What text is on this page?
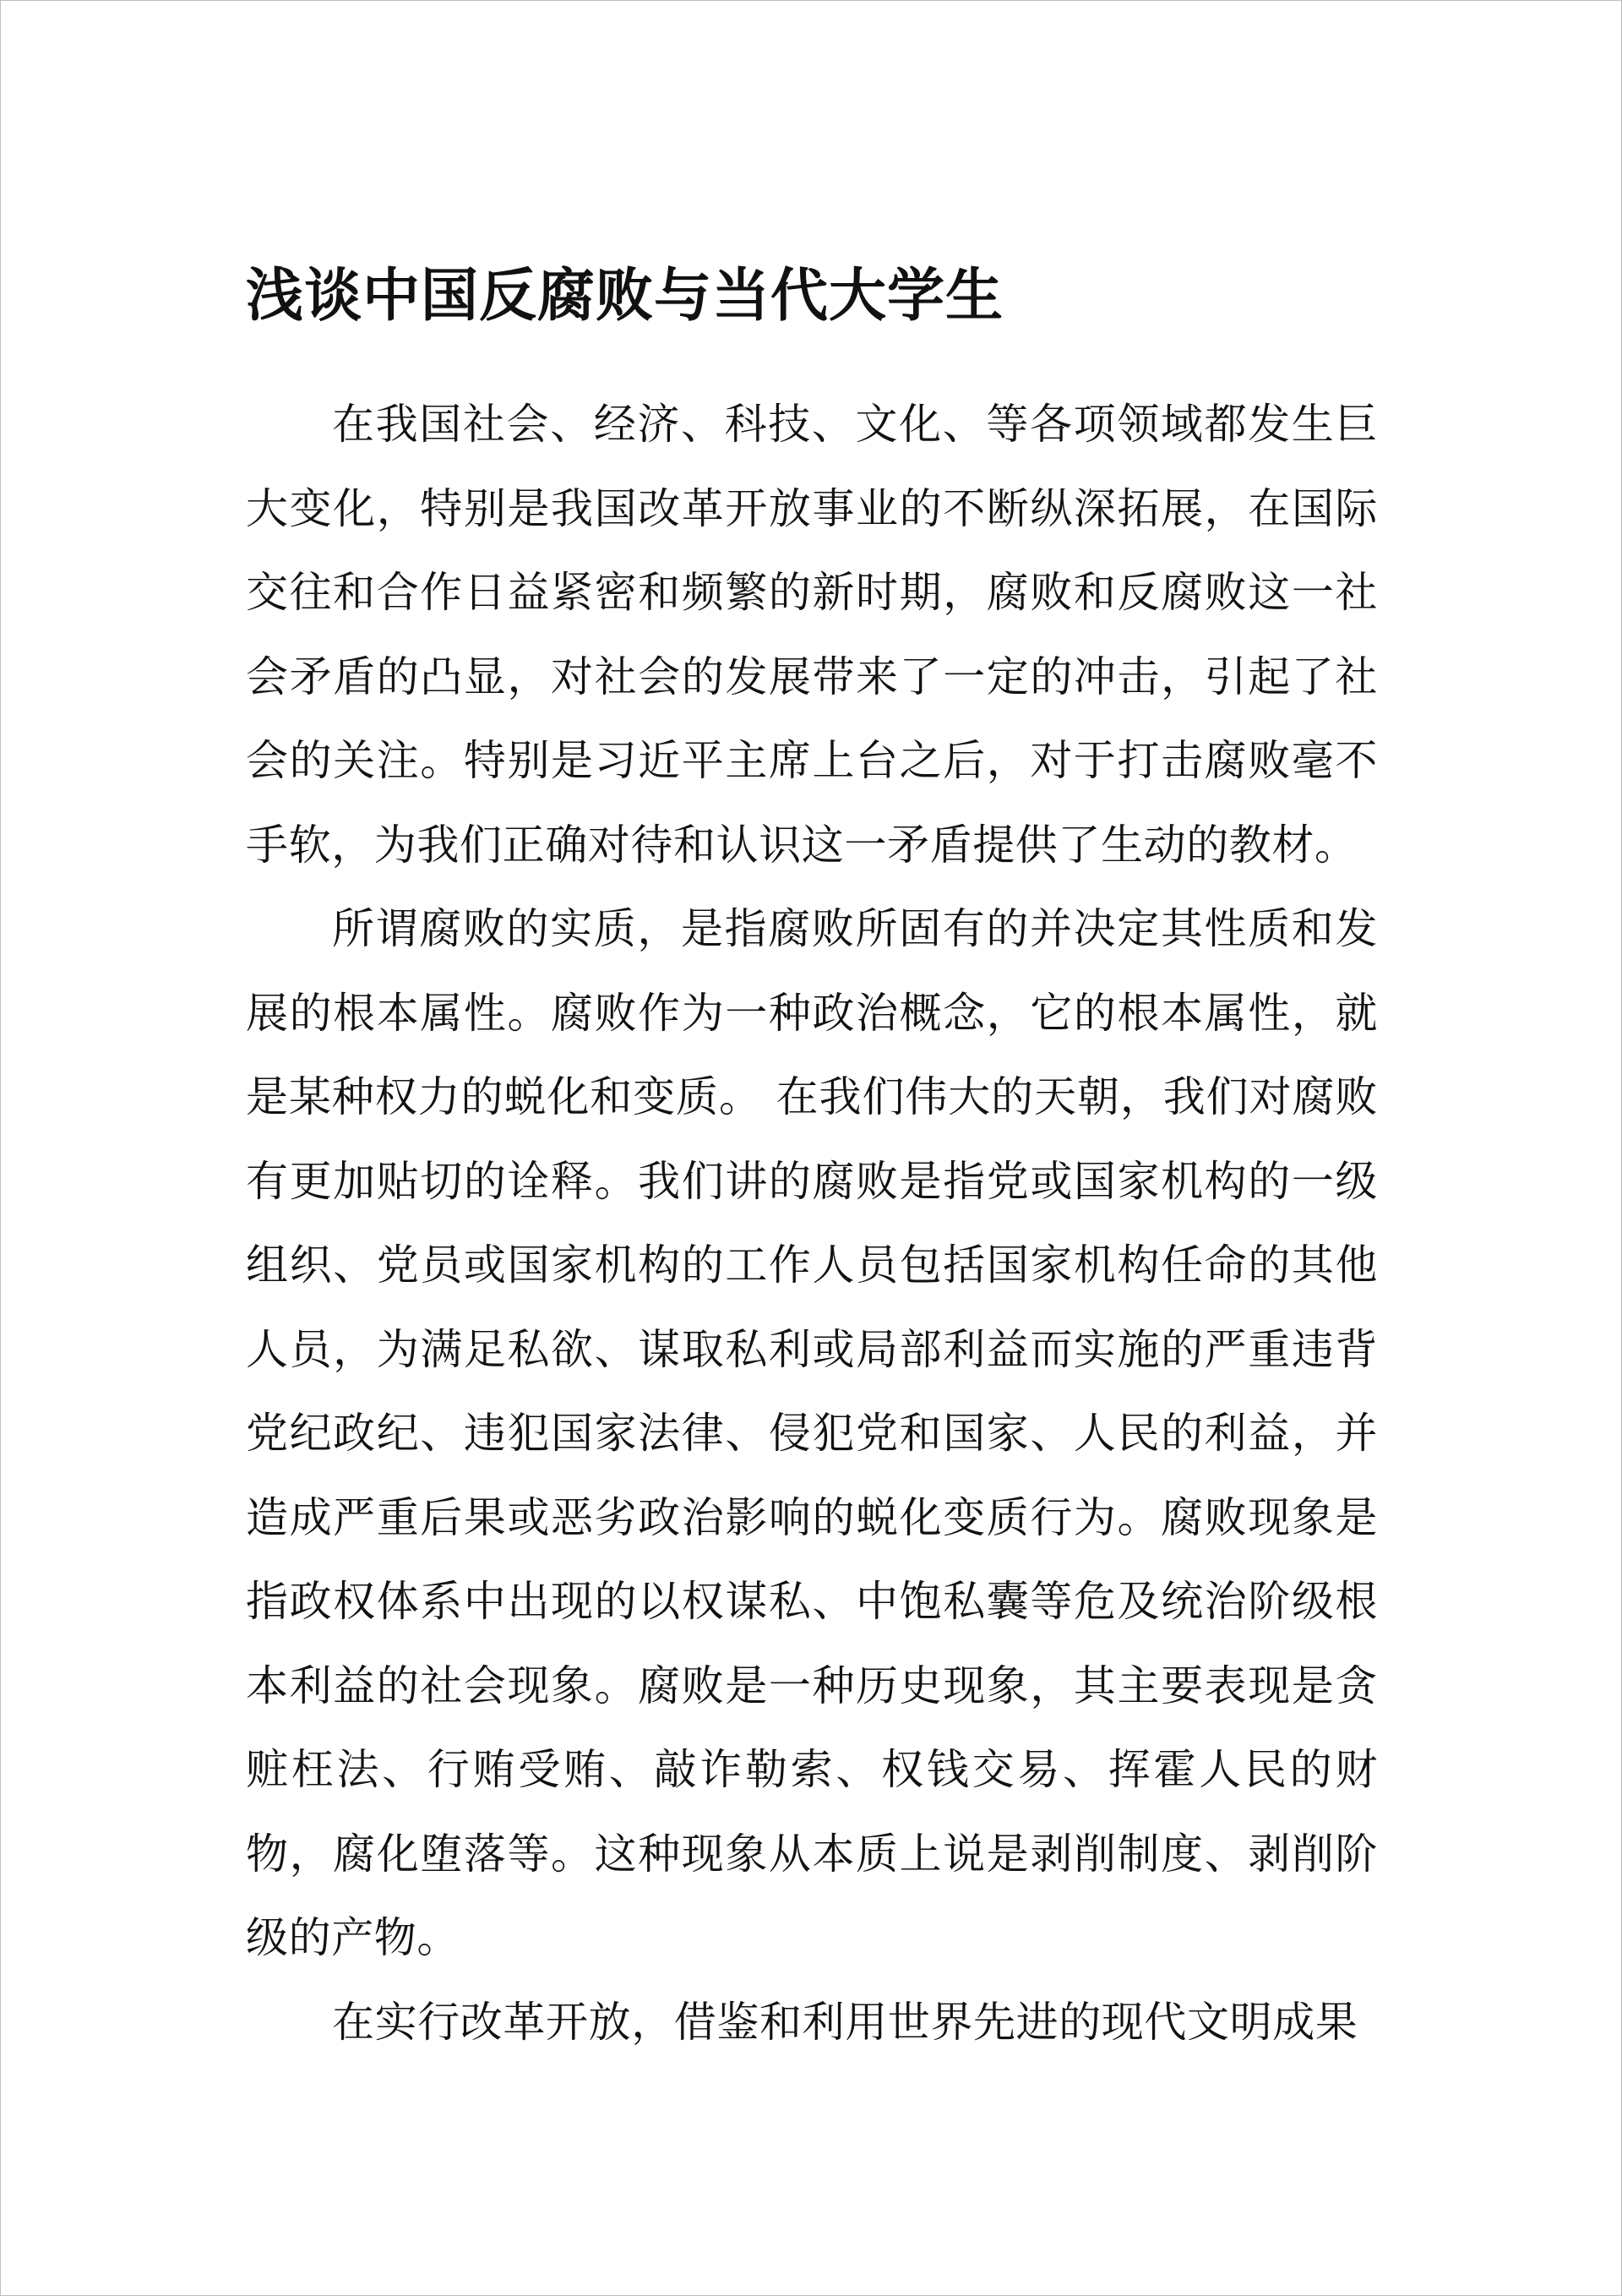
浅谈中国反腐败与当代大学生

在我国社会、经济、科技、文化、等各项领域都发生巨大变化，特别是我国改革开放事业的不断纵深拓展，在国际交往和合作日益紧密和频繁的新时期，腐败和反腐败这一社会矛盾的凸显，对社会的发展带来了一定的冲击，引起了社会的关注。特别是习近平主席上台之后，对于打击腐败毫不手软，为我们正确对待和认识这一矛盾提供了生动的教材。

所谓腐败的实质，是指腐败所固有的并决定其性质和发展的根本属性。腐败作为一种政治概念，它的根本属性，就是某种权力的蜕化和变质。 在我们伟大的天朝，我们对腐败有更加贴切的诠释。我们讲的腐败是指党或国家机构的一级组织、党员或国家机构的工作人员包括国家机构任命的其他人员，为满足私欲、谋取私利或局部利益而实施的严重违背党纪政纪、违犯国家法律、侵犯党和国家、人民的利益，并造成严重后果或恶劣政治影响的蜕化变质行为。腐败现象是指政权体系中出现的以权谋私、中饱私囊等危及统治阶级根本利益的社会现象。腐败是一种历史现象，其主要表现是贪赃枉法、行贿受贿、敲诈勒索、权钱交易、挥霍人民的财物，腐化堕落等。这种现象从本质上说是剥削制度、剥削阶级的产物。

在实行改革开放，借鉴和利用世界先进的现代文明成果
